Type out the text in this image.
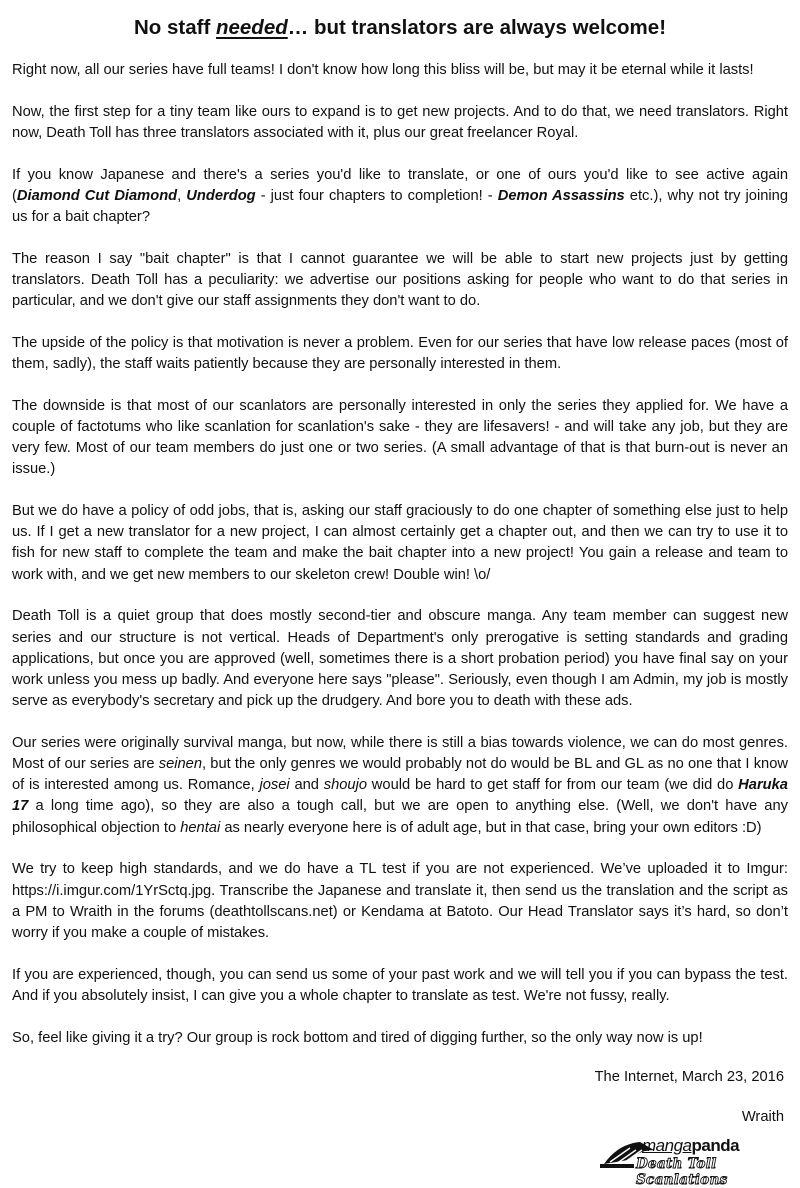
No staff needed… but translators are always welcome!

Right now, all our series have full teams! I don't know how long this bliss will be, but may it be eternal while it lasts!

Now, the first step for a tiny team like ours to expand is to get new projects. And to do that, we need translators. Right now, Death Toll has three translators associated with it, plus our great freelancer Royal.

If you know Japanese and there's a series you'd like to translate, or one of ours you'd like to see active again (Diamond Cut Diamond, Underdog - just four chapters to completion! - Demon Assassins etc.), why not try joining us for a bait chapter?

The reason I say "bait chapter" is that I cannot guarantee we will be able to start new projects just by getting translators. Death Toll has a peculiarity: we advertise our positions asking for people who want to do that series in particular, and we don't give our staff assignments they don't want to do.

The upside of the policy is that motivation is never a problem. Even for our series that have low release paces (most of them, sadly), the staff waits patiently because they are personally interested in them.

The downside is that most of our scanlators are personally interested in only the series they applied for. We have a couple of factotums who like scanlation for scanlation's sake - they are lifesavers! - and will take any job, but they are very few. Most of our team members do just one or two series. (A small advantage of that is that burn-out is never an issue.)

But we do have a policy of odd jobs, that is, asking our staff graciously to do one chapter of something else just to help us. If I get a new translator for a new project, I can almost certainly get a chapter out, and then we can try to use it to fish for new staff to complete the team and make the bait chapter into a new project! You gain a release and team to work with, and we get new members to our skeleton crew! Double win! \o/

Death Toll is a quiet group that does mostly second-tier and obscure manga. Any team member can suggest new series and our structure is not vertical. Heads of Department's only prerogative is setting standards and grading applications, but once you are approved (well, sometimes there is a short probation period) you have final say on your work unless you mess up badly. And everyone here says "please". Seriously, even though I am Admin, my job is mostly serve as everybody's secretary and pick up the drudgery. And bore you to death with these ads.

Our series were originally survival manga, but now, while there is still a bias towards violence, we can do most genres. Most of our series are seinen, but the only genres we would probably not do would be BL and GL as no one that I know of is interested among us. Romance, josei and shoujo would be hard to get staff for from our team (we did do Haruka 17 a long time ago), so they are also a tough call, but we are open to anything else. (Well, we don't have any philosophical objection to hentai as nearly everyone here is of adult age, but in that case, bring your own editors :D)

We try to keep high standards, and we do have a TL test if you are not experienced. We’ve uploaded it to Imgur: https://i.imgur.com/1YrSctq.jpg. Transcribe the Japanese and translate it, then send us the translation and the script as a PM to Wraith in the forums (deathtollscans.net) or Kendama at Batoto. Our Head Translator says it’s hard, so don’t worry if you make a couple of mistakes.

If you are experienced, though, you can send us some of your past work and we will tell you if you can bypass the test. And if you absolutely insist, I can give you a whole chapter to translate as test. We're not fussy, really.

So, feel like giving it a try? Our group is rock bottom and tired of digging further, so the only way now is up!

The Internet, March 23, 2016
Wraith
mangapanda
Death Toll Scanlations
